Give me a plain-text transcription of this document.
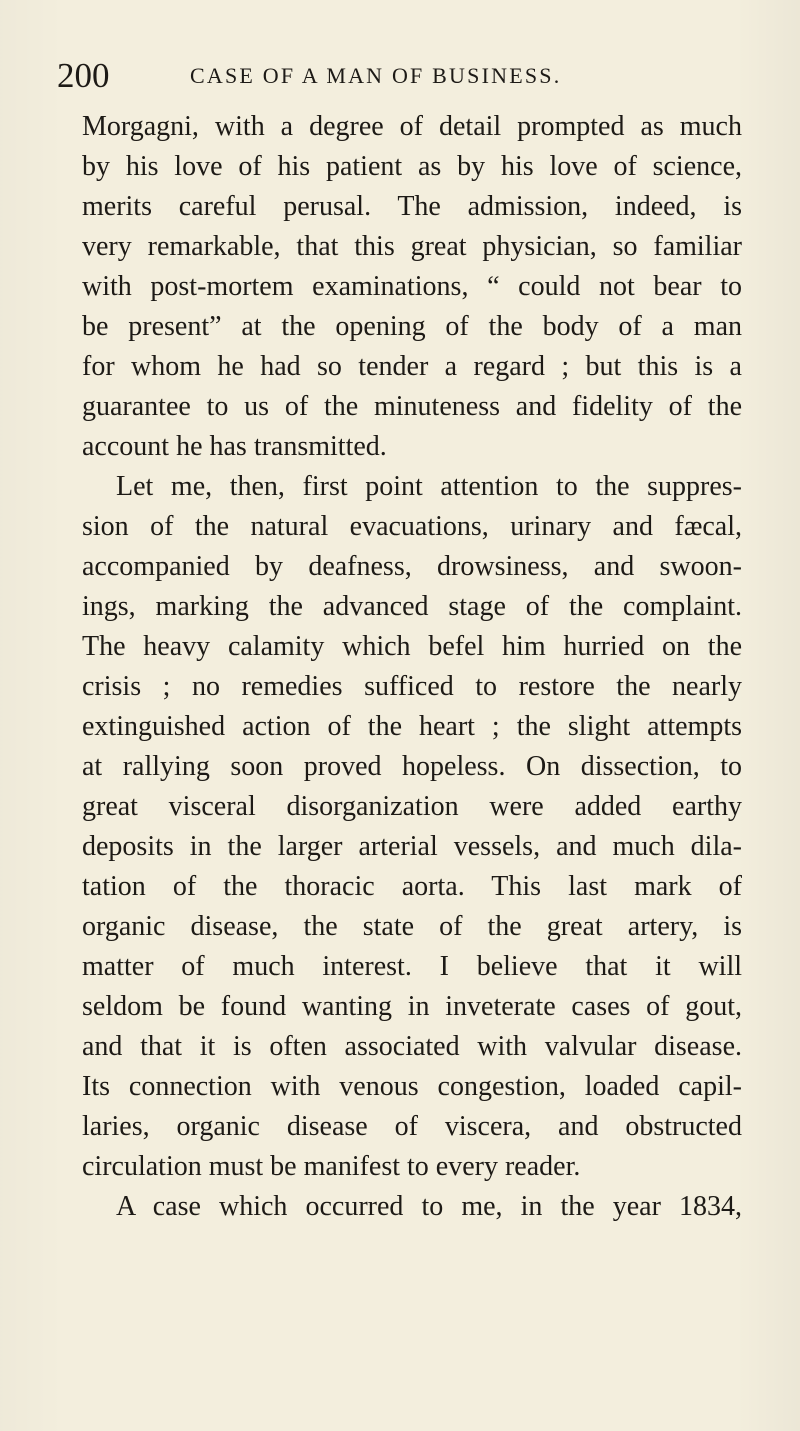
200	CASE OF A MAN OF BUSINESS.
Morgagni, with a degree of detail prompted as much
by his love of his patient as by his love of science,
merits careful perusal. The admission, indeed, is
very remarkable, that this great physician, so familiar
with post-mortem examinations, “ could not bear to
be present” at the opening of the body of a man
for whom he had so tender a regard ; but this is a
guarantee to us of the minuteness and fidelity of the
account he has transmitted.
Let me, then, first point attention to the suppres-
sion of the natural evacuations, urinary and fæcal,
accompanied by deafness, drowsiness, and swoon-
ings, marking the advanced stage of the complaint.
The heavy calamity which befel him hurried on the
crisis ; no remedies sufficed to restore the nearly
extinguished action of the heart ; the slight attempts
at rallying soon proved hopeless. On dissection, to
great visceral disorganization were added earthy
deposits in the larger arterial vessels, and much dila-
tation of the thoracic aorta. This last mark of
organic disease, the state of the great artery, is
matter of much interest. I believe that it will
seldom be found wanting in inveterate cases of gout,
and that it is often associated with valvular disease.
Its connection with venous congestion, loaded capil-
laries, organic disease of viscera, and obstructed
circulation must be manifest to every reader.
A case which occurred to me, in the year 1834,
